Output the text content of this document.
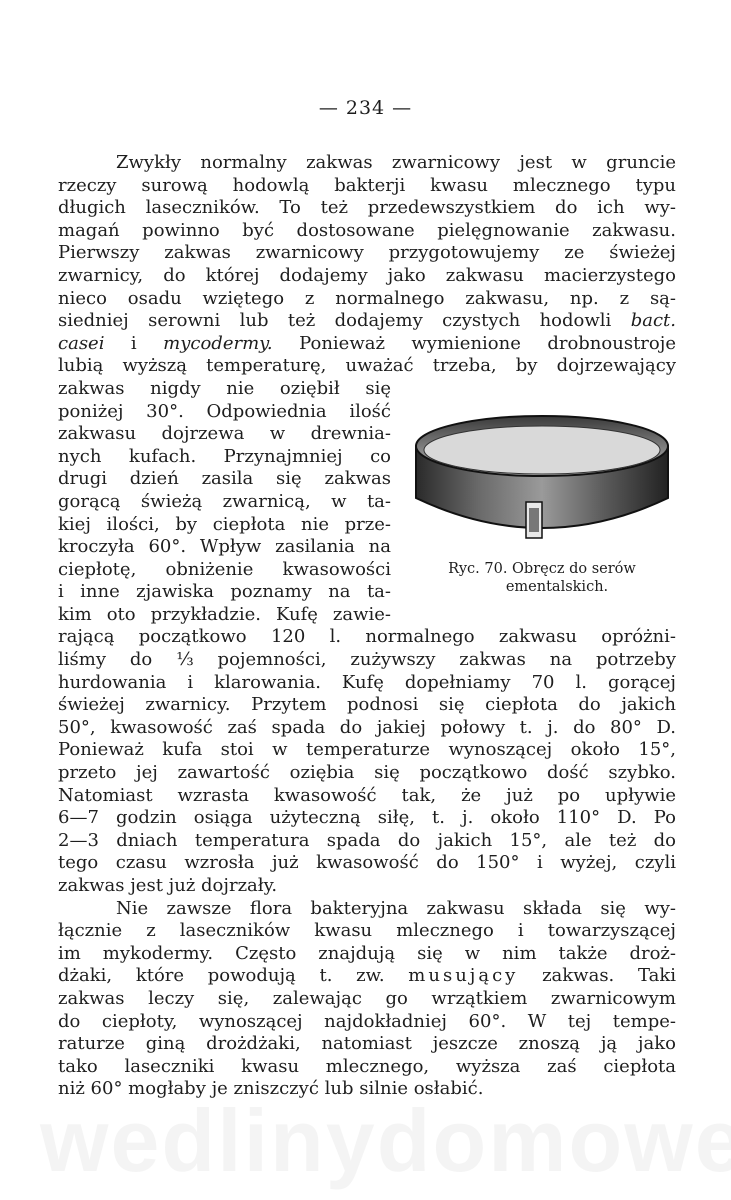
— 234 —
Zwykły normalny zakwas zwarnicowy jest w gruncie
rzeczy surową hodowlą bakterji kwasu mlecznego typu
długich laseczników. To też przedewszystkiem do ich wy-
magań powinno być dostosowane pielęgnowanie zakwasu.
Pierwszy zakwas zwarnicowy przygotowujemy ze świeżej
zwarnicy, do której dodajemy jako zakwasu macierzystego
nieco osadu wziętego z normalnego zakwasu, np. z są-
siedniej serowni lub też dodajemy czystych hodowli bact.
casei i mycodermy. Ponieważ wymienione drobnoustroje
lubią wyższą temperaturę, uważać trzeba, by dojrzewający
zakwas nigdy nie oziębił się
poniżej 30°. Odpowiednia ilość
zakwasu dojrzewa w drewnia-
nych kufach. Przynajmniej co
drugi dzień zasila się zakwas
gorącą świeżą zwarnicą, w ta-
kiej ilości, by ciepłota nie prze-
kroczyła 60°. Wpływ zasilania na
ciepłotę, obniżenie kwasowości
i inne zjawiska poznamy na ta-
kim oto przykładzie. Kufę zawie-
rającą początkowo 120 l. normalnego zakwasu opróżni-
liśmy do ⅓ pojemności, zużywszy zakwas na potrzeby
hurdowania i klarowania. Kufę dopełniamy 70 l. gorącej
świeżej zwarnicy. Przytem podnosi się ciepłota do jakich
50°, kwasowość zaś spada do jakiej połowy t. j. do 80° D.
Ponieważ kufa stoi w temperaturze wynoszącej około 15°,
przeto jej zawartość oziębia się początkowo dość szybko.
Natomiast wzrasta kwasowość tak, że już po upływie
6—7 godzin osiąga użyteczną siłę, t. j. około 110° D. Po
2—3 dniach temperatura spada do jakich 15°, ale też do
tego czasu wzrosła już kwasowość do 150° i wyżej, czyli
zakwas jest już dojrzały.
Nie zawsze flora bakteryjna zakwasu składa się wy-
łącznie z laseczników kwasu mlecznego i towarzyszącej
im mykodermy. Często znajdują się w nim także droż-
dżaki, które powodują t. zw. musujący zakwas. Taki
zakwas leczy się, zalewając go wrzątkiem zwarnicowym
do ciepłoty, wynoszącej najdokładniej 60°. W tej tempe-
raturze giną drożdżaki, natomiast jeszcze znoszą ją jako
tako laseczniki kwasu mlecznego, wyższa zaś ciepłota
niż 60° mogłaby je zniszczyć lub silnie osłabić.
Ryc. 70. Obręcz do serów
ementalskich.
